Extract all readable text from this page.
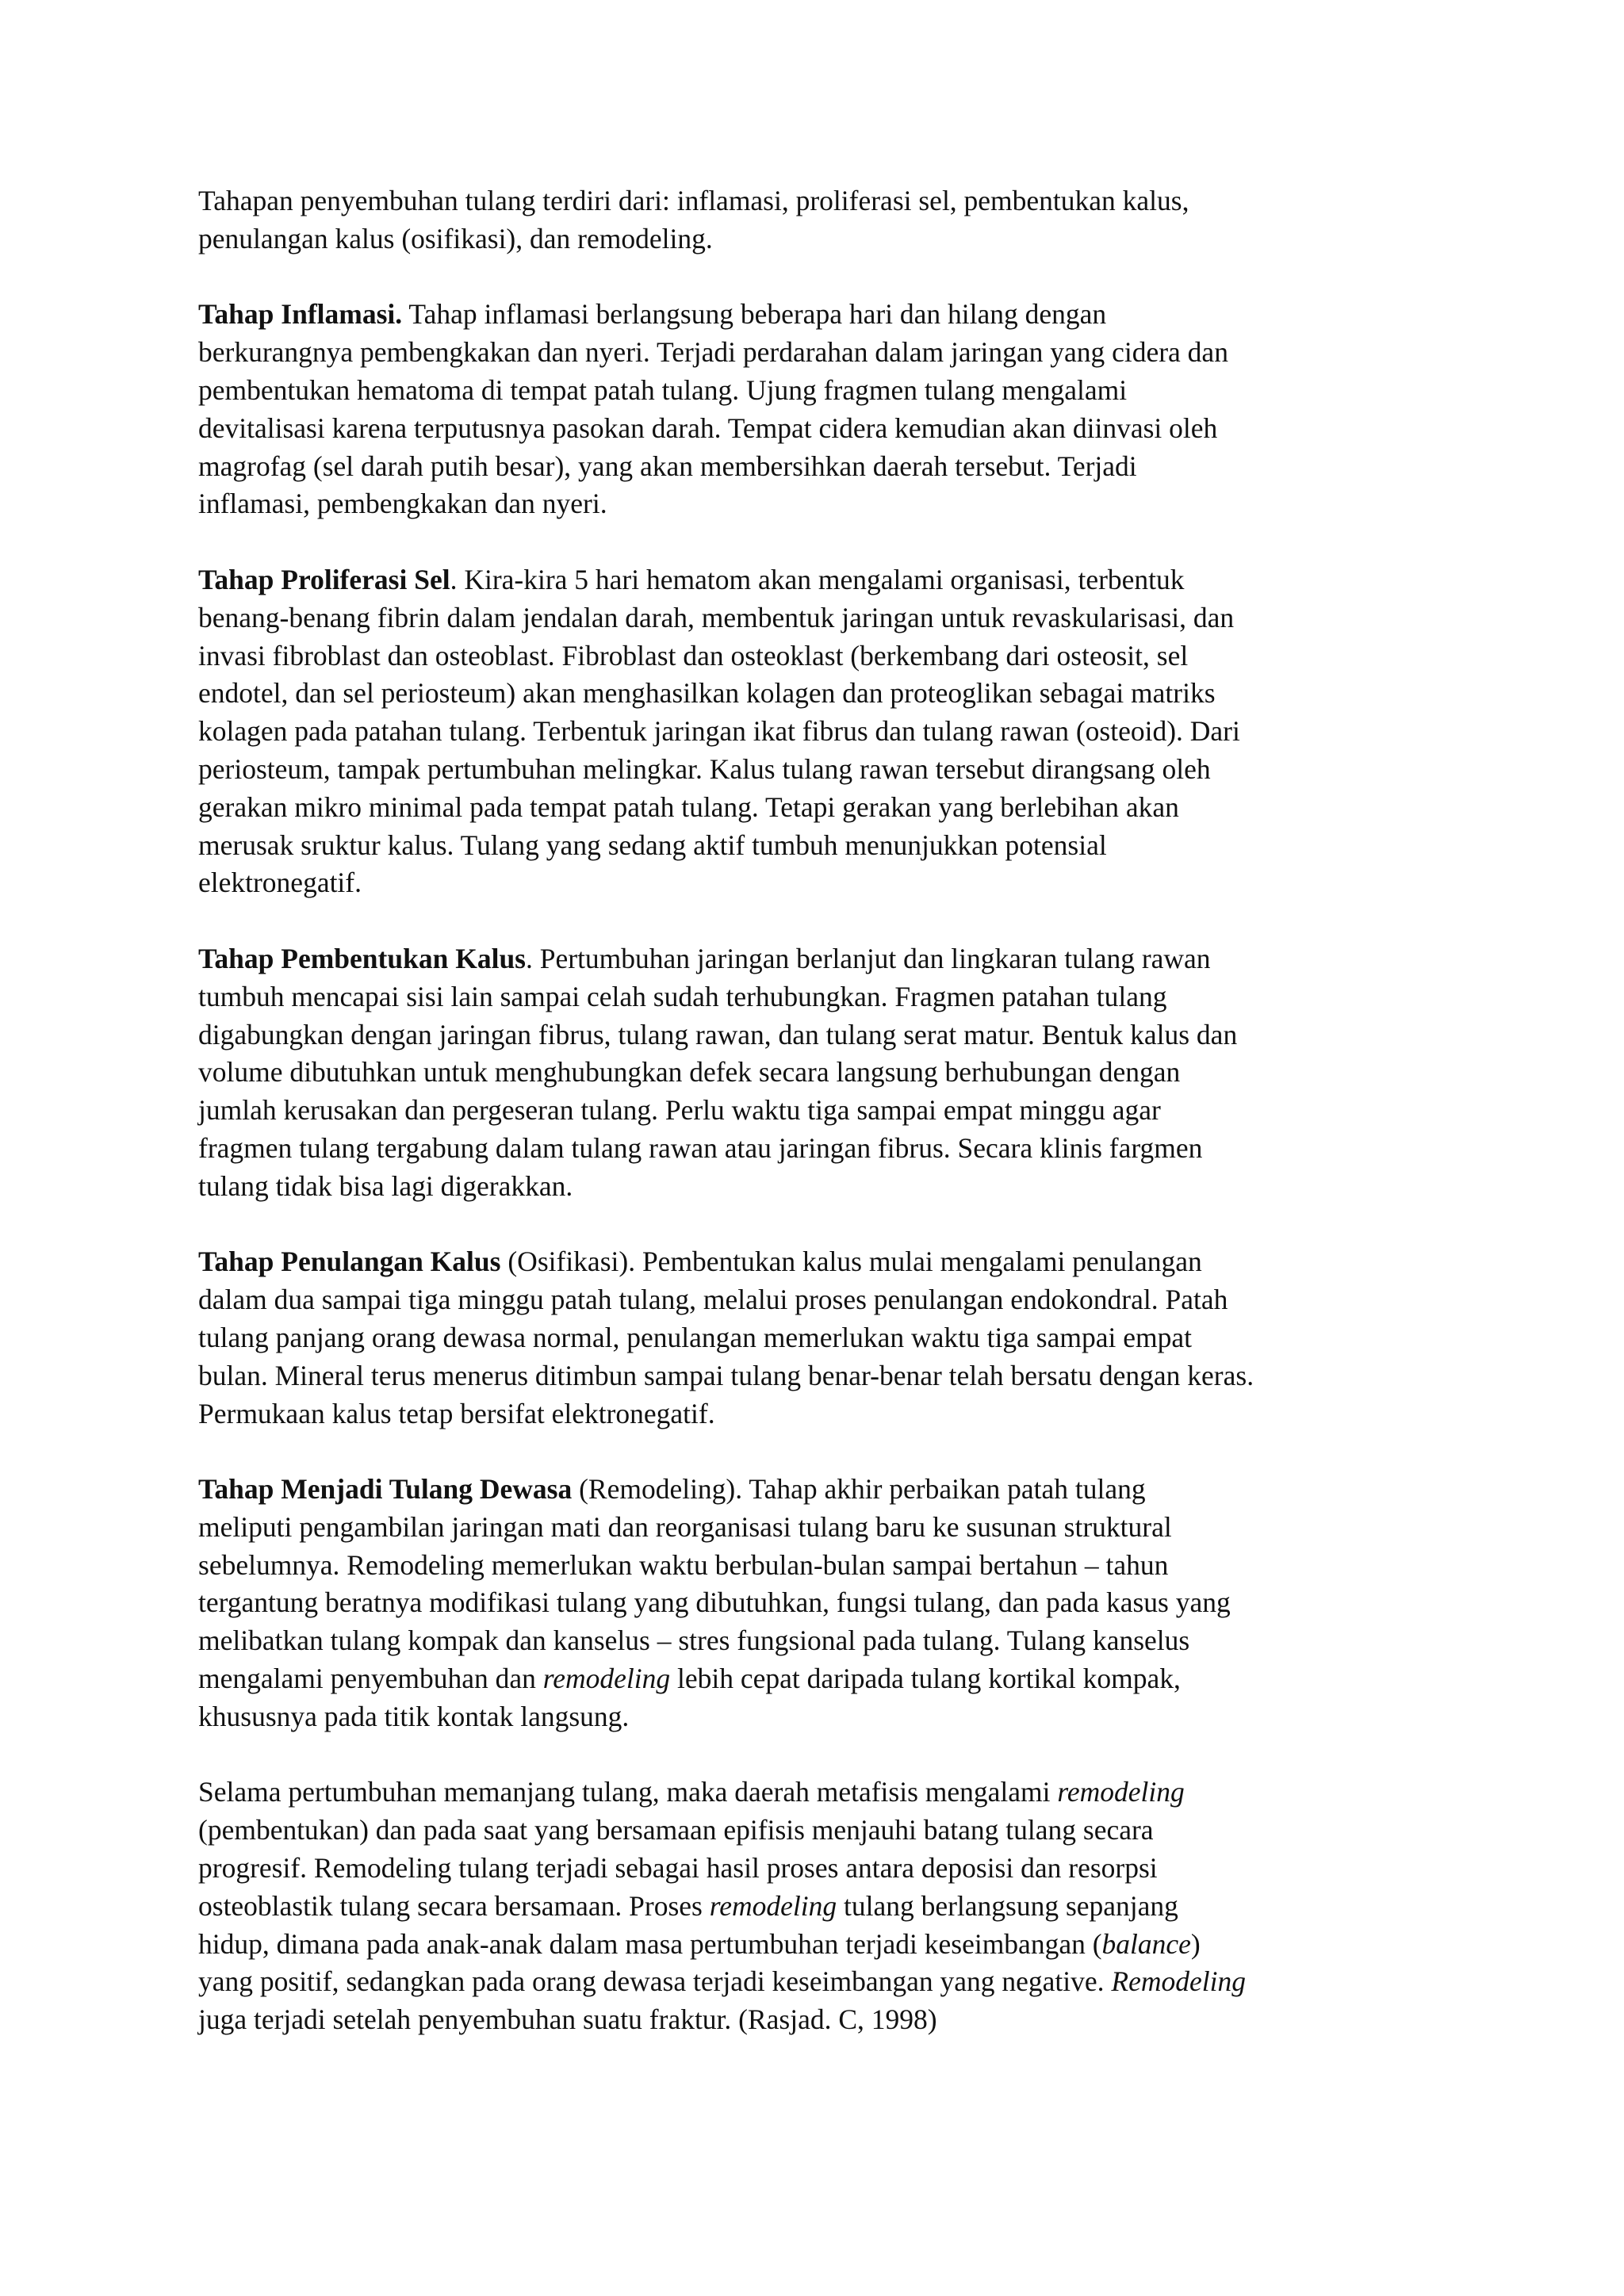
Tahapan penyembuhan tulang terdiri dari: inflamasi, proliferasi sel, pembentukan kalus,
penulangan kalus (osifikasi), dan remodeling.

Tahap Inflamasi. Tahap inflamasi berlangsung beberapa hari dan hilang dengan
berkurangnya pembengkakan dan nyeri. Terjadi perdarahan dalam jaringan yang cidera dan
pembentukan hematoma di tempat patah tulang. Ujung fragmen tulang mengalami
devitalisasi karena terputusnya pasokan darah. Tempat cidera kemudian akan diinvasi oleh
magrofag (sel darah putih besar), yang akan membersihkan daerah tersebut. Terjadi
inflamasi, pembengkakan dan nyeri.

Tahap Proliferasi Sel. Kira-kira 5 hari hematom akan mengalami organisasi, terbentuk
benang-benang fibrin dalam jendalan darah, membentuk jaringan untuk revaskularisasi, dan
invasi fibroblast dan osteoblast. Fibroblast dan osteoklast (berkembang dari osteosit, sel
endotel, dan sel periosteum) akan menghasilkan kolagen dan proteoglikan sebagai matriks
kolagen pada patahan tulang. Terbentuk jaringan ikat fibrus dan tulang rawan (osteoid). Dari
periosteum, tampak pertumbuhan melingkar. Kalus tulang rawan tersebut dirangsang oleh
gerakan mikro minimal pada tempat patah tulang. Tetapi gerakan yang berlebihan akan
merusak sruktur kalus. Tulang yang sedang aktif tumbuh menunjukkan potensial
elektronegatif.

Tahap Pembentukan Kalus. Pertumbuhan jaringan berlanjut dan lingkaran tulang rawan
tumbuh mencapai sisi lain sampai celah sudah terhubungkan. Fragmen patahan tulang
digabungkan dengan jaringan fibrus, tulang rawan, dan tulang serat matur. Bentuk kalus dan
volume dibutuhkan untuk menghubungkan defek secara langsung berhubungan dengan
jumlah kerusakan dan pergeseran tulang. Perlu waktu tiga sampai empat minggu agar
fragmen tulang tergabung dalam tulang rawan atau jaringan fibrus. Secara klinis fargmen
tulang tidak bisa lagi digerakkan.

Tahap Penulangan Kalus (Osifikasi). Pembentukan kalus mulai mengalami penulangan
dalam dua sampai tiga minggu patah tulang, melalui proses penulangan endokondral. Patah
tulang panjang orang dewasa normal, penulangan memerlukan waktu tiga sampai empat
bulan. Mineral terus menerus ditimbun sampai tulang benar-benar telah bersatu dengan keras.
Permukaan kalus tetap bersifat elektronegatif.

Tahap Menjadi Tulang Dewasa (Remodeling). Tahap akhir perbaikan patah tulang
meliputi pengambilan jaringan mati dan reorganisasi tulang baru ke susunan struktural
sebelumnya. Remodeling memerlukan waktu berbulan-bulan sampai bertahun – tahun
tergantung beratnya modifikasi tulang yang dibutuhkan, fungsi tulang, dan pada kasus yang
melibatkan tulang kompak dan kanselus – stres fungsional pada tulang. Tulang kanselus
mengalami penyembuhan dan remodeling lebih cepat daripada tulang kortikal kompak,
khususnya pada titik kontak langsung.

Selama pertumbuhan memanjang tulang, maka daerah metafisis mengalami remodeling
(pembentukan) dan pada saat yang bersamaan epifisis menjauhi batang tulang secara
progresif. Remodeling tulang terjadi sebagai hasil proses antara deposisi dan resorpsi
osteoblastik tulang secara bersamaan. Proses remodeling tulang berlangsung sepanjang
hidup, dimana pada anak-anak dalam masa pertumbuhan terjadi keseimbangan (balance)
yang positif, sedangkan pada orang dewasa terjadi keseimbangan yang negative. Remodeling
juga terjadi setelah penyembuhan suatu fraktur. (Rasjad. C, 1998)
